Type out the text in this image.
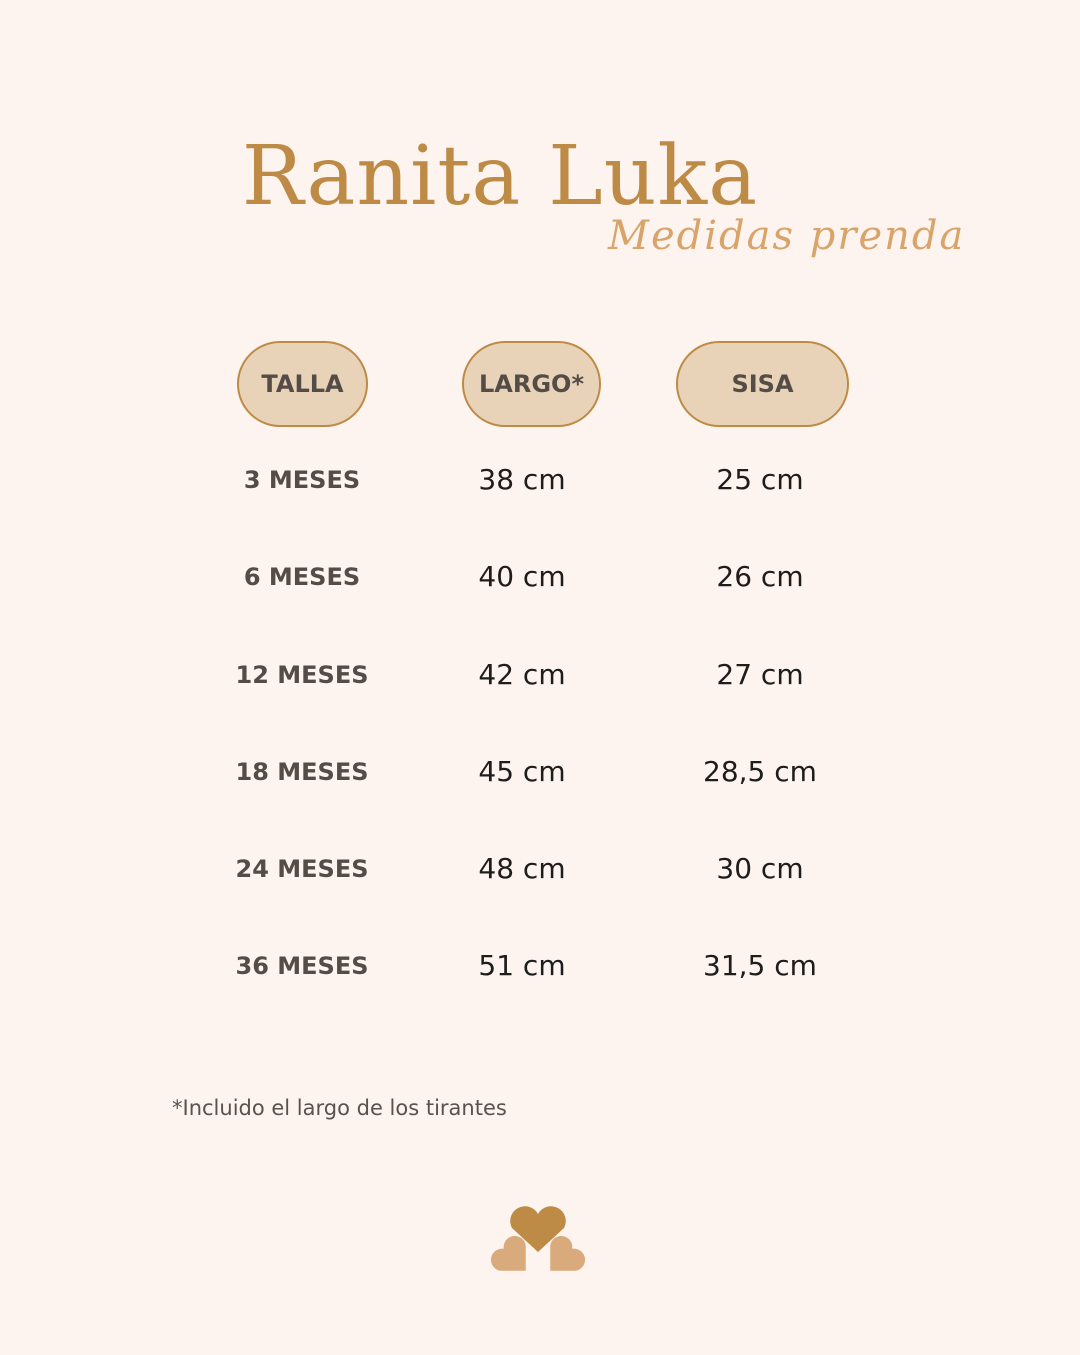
Ranita Luka
Medidas prenda
TALLA	LARGO*	SISA
3 MESES	38 cm	25 cm
6 MESES	40 cm	26 cm
12 MESES	42 cm	27 cm
18 MESES	45 cm	28,5 cm
24 MESES	48 cm	30 cm
36 MESES	51 cm	31,5 cm
*Incluido el largo de los tirantes
